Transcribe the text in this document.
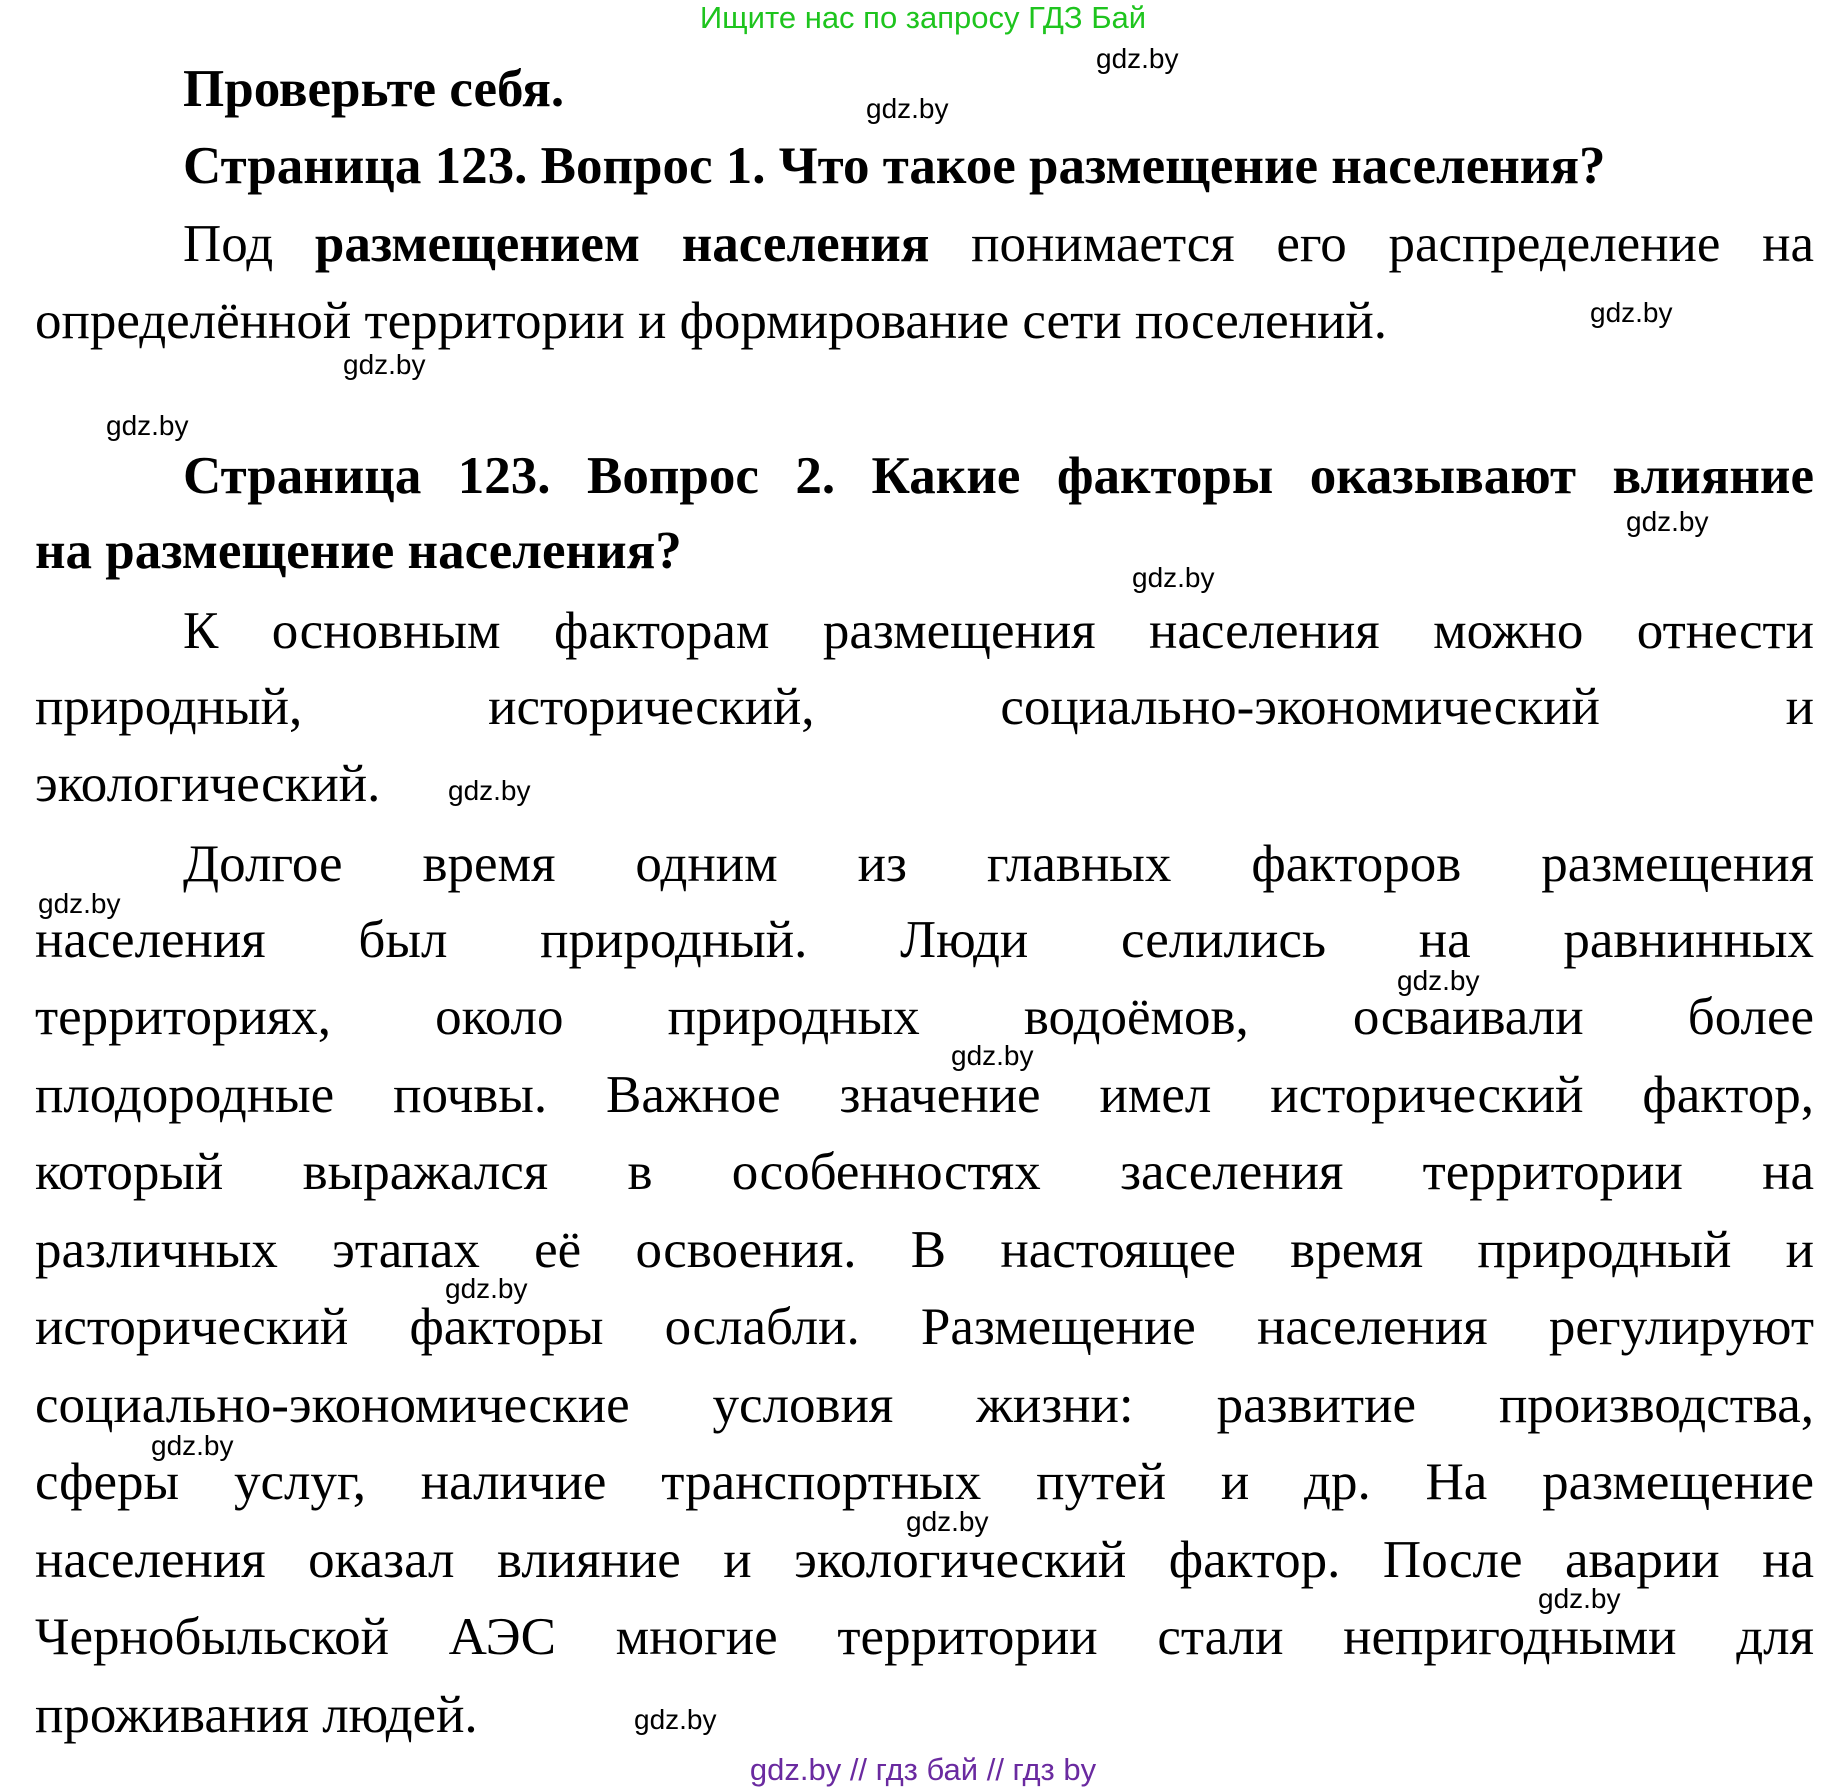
Ищите нас по запросу ГДЗ Бай
Проверьте себя.
Страница 123. Вопрос 1. Что такое размещение населения?
Под размещением населения понимается его распределение на
определённой территории и формирование сети поселений.
Страница 123. Вопрос 2. Какие факторы оказывают влияние
на размещение населения?
К основным факторам размещения населения можно отнести
природный, исторический, социально-экономический и
экологический.
Долгое время одним из главных факторов размещения
населения был природный. Люди селились на равнинных
территориях, около природных водоёмов, осваивали более
плодородные почвы. Важное значение имел исторический фактор,
который выражался в особенностях заселения территории на
различных этапах её освоения. В настоящее время природный и
исторический факторы ослабли. Размещение населения регулируют
социально-экономические условия жизни: развитие производства,
сферы услуг, наличие транспортных путей и др. На размещение
населения оказал влияние и экологический фактор. После аварии на
Чернобыльской АЭС многие территории стали непригодными для
проживания людей.
gdz.by
gdz.by
gdz.by
gdz.by
gdz.by
gdz.by
gdz.by
gdz.by
gdz.by
gdz.by
gdz.by
gdz.by
gdz.by
gdz.by
gdz.by
gdz.by
gdz.by // гдз бай // гдз by
